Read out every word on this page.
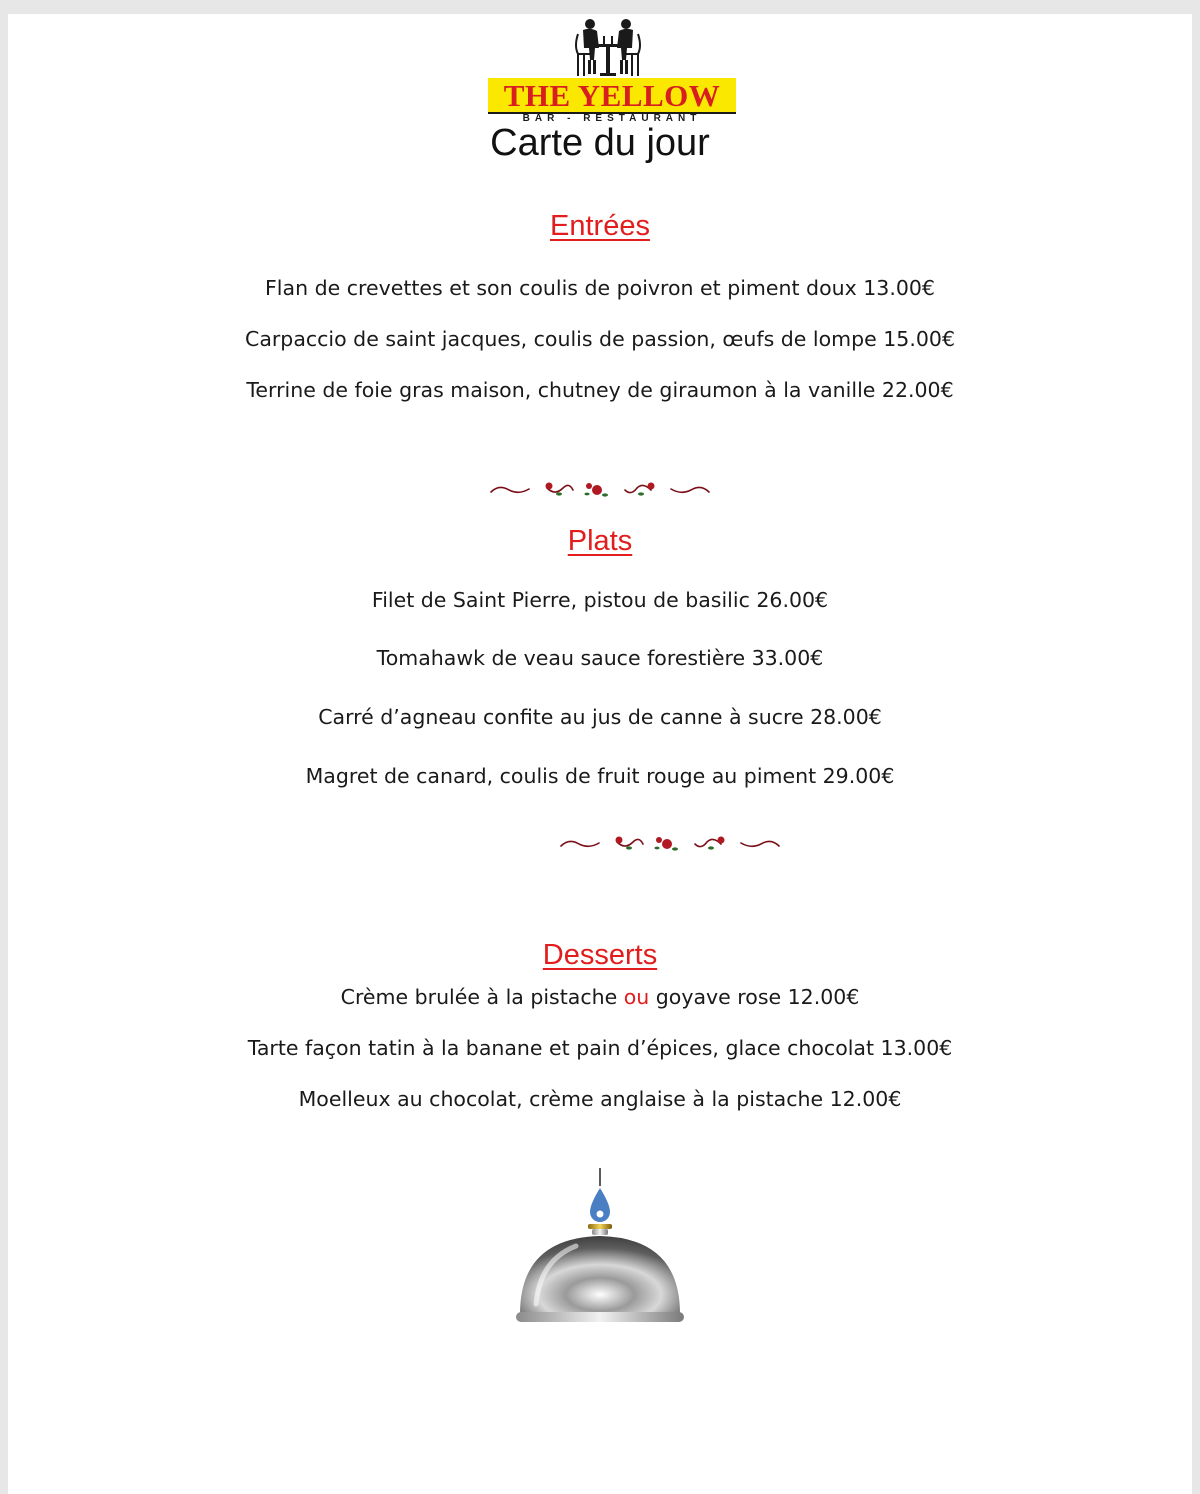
THE YELLOW
BAR - RESTAURANT
Carte du jour
Entrées
Flan de crevettes et son coulis de poivron et piment doux 13.00€
Carpaccio de saint jacques, coulis de passion, œufs de lompe 15.00€
Terrine de foie gras maison, chutney de giraumon à la vanille 22.00€
Plats
Filet de Saint Pierre, pistou de basilic 26.00€
Tomahawk de veau sauce forestière 33.00€
Carré d’agneau confite au jus de canne à sucre 28.00€
Magret de canard, coulis de fruit rouge au piment 29.00€
Desserts
Crème brulée à la pistache ou goyave rose 12.00€
Tarte façon tatin à la banane et pain d’épices, glace chocolat 13.00€
Moelleux au chocolat, crème anglaise à la pistache 12.00€
